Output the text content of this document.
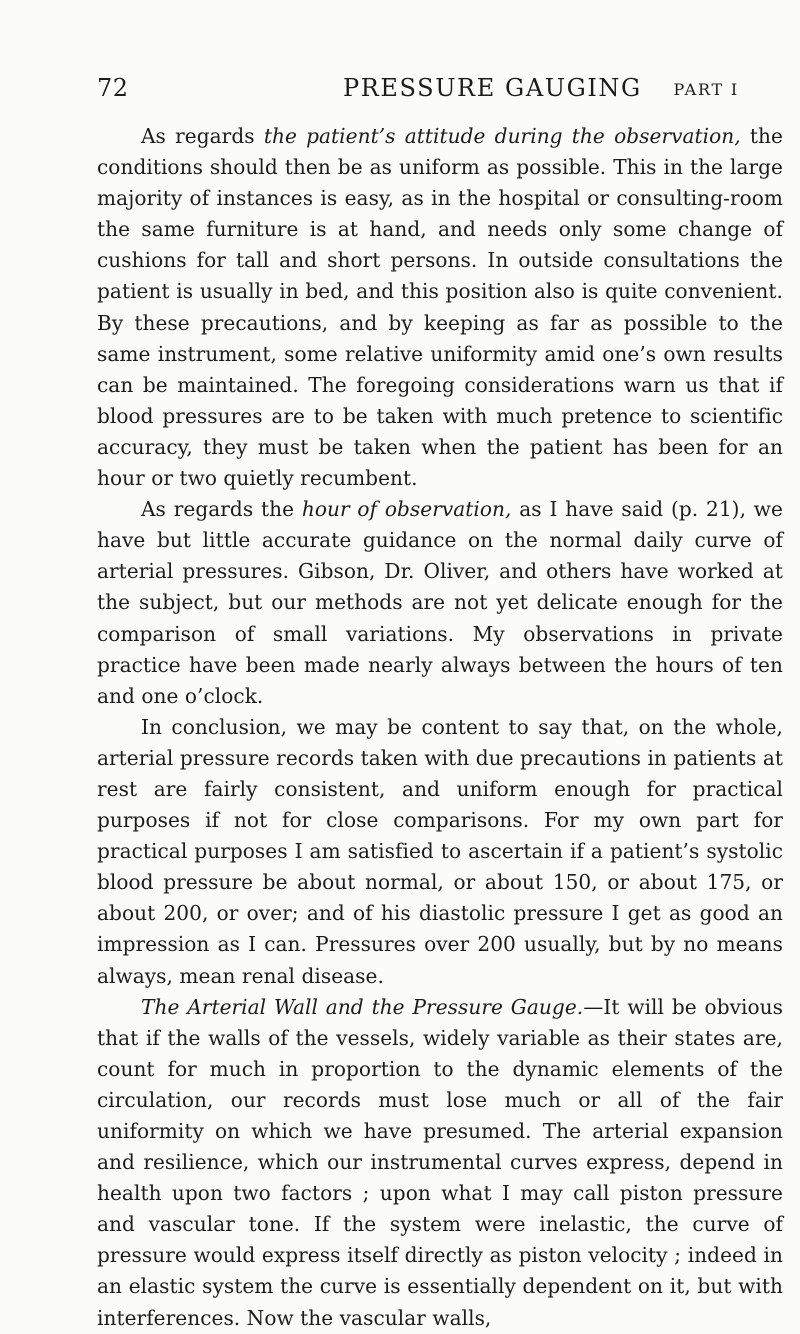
72	PRESSURE GAUGING PART I

As regards the patient’s attitude during the observation, the conditions should then be as uniform as possible. This in the large majority of instances is easy, as in the hospital or consulting-room the same furniture is at hand, and needs only some change of cushions for tall and short persons. In outside consultations the patient is usually in bed, and this position also is quite convenient. By these precautions, and by keeping as far as possible to the same instrument, some relative uniformity amid one’s own results can be maintained. The foregoing considerations warn us that if blood pressures are to be taken with much pretence to scientific accuracy, they must be taken when the patient has been for an hour or two quietly recumbent.

As regards the hour of observation, as I have said (p. 21), we have but little accurate guidance on the normal daily curve of arterial pressures. Gibson, Dr. Oliver, and others have worked at the subject, but our methods are not yet delicate enough for the comparison of small variations. My observations in private practice have been made nearly always between the hours of ten and one o’clock.

In conclusion, we may be content to say that, on the whole, arterial pressure records taken with due precautions in patients at rest are fairly consistent, and uniform enough for practical purposes if not for close comparisons. For my own part for practical purposes I am satisfied to ascertain if a patient’s systolic blood pressure be about normal, or about 150, or about 175, or about 200, or over; and of his diastolic pressure I get as good an impression as I can. Pressures over 200 usually, but by no means always, mean renal disease.

The Arterial Wall and the Pressure Gauge.—It will be obvious that if the walls of the vessels, widely variable as their states are, count for much in proportion to the dynamic elements of the circulation, our records must lose much or all of the fair uniformity on which we have presumed. The arterial expansion and resilience, which our instrumental curves express, depend in health upon two factors ; upon what I may call piston pressure and vascular tone. If the system were inelastic, the curve of pressure would express itself directly as piston velocity ; indeed in an elastic system the curve is essentially dependent on it, but with interferences. Now the vascular walls,
